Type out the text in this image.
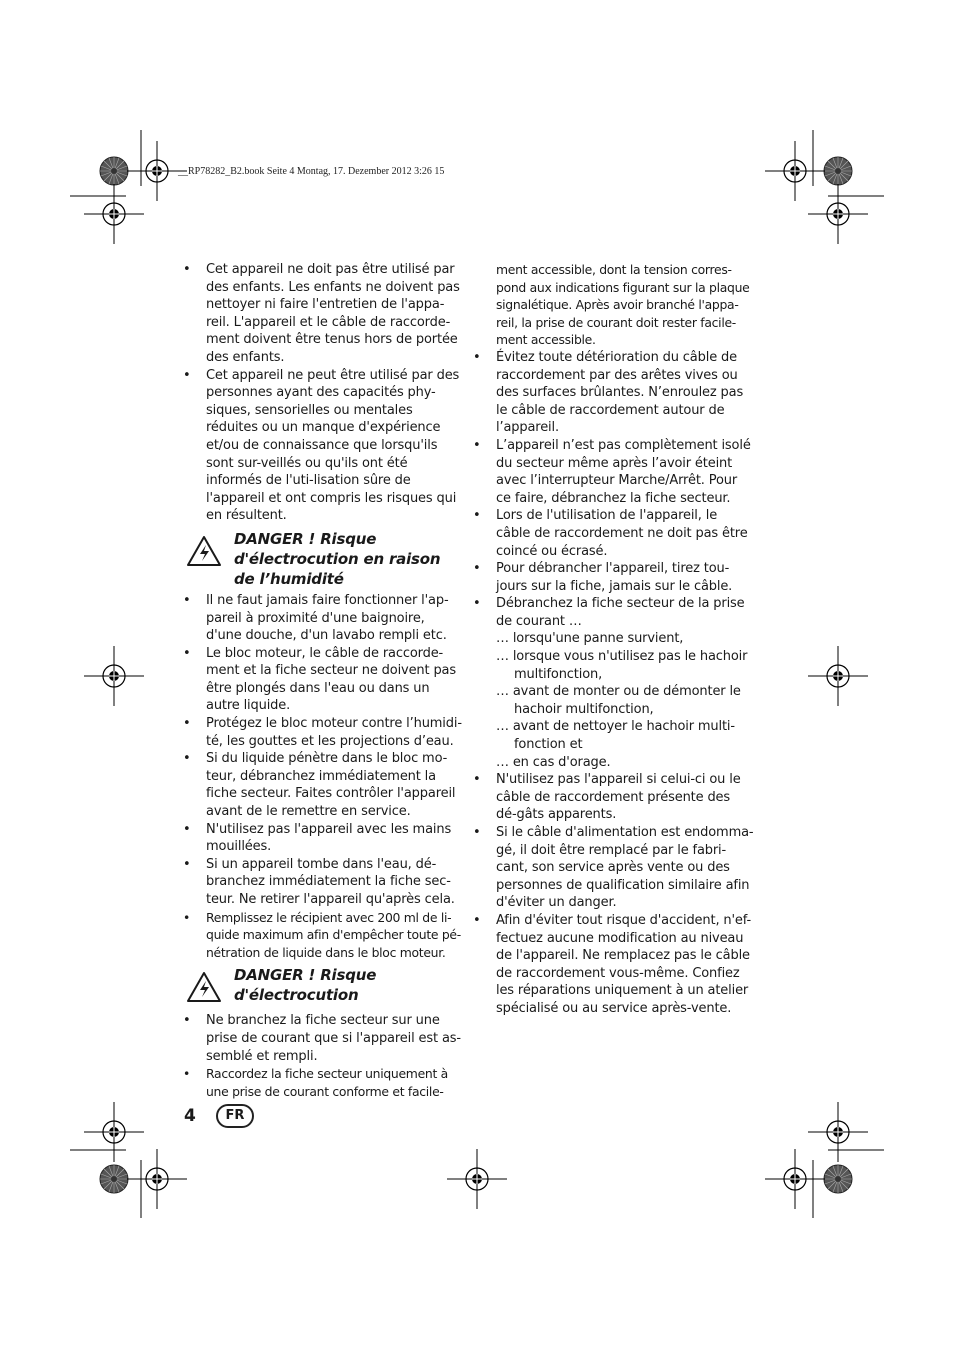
__RP78282_B2.book Seite 4 Montag, 17. Dezember 2012 3:26 15
• Cet appareil ne doit pas être utilisé par des enfants. Les enfants ne doivent pas nettoyer ni faire l'entretien de l'appa-reil. L'appareil et le câble de raccorde-ment doivent être tenus hors de portée des enfants.
• Cet appareil ne peut être utilisé par des personnes ayant des capacités phy-siques, sensorielles ou mentales réduites ou un manque d'expérience et/ou de connaissance que lorsqu'ils sont sur-veillés ou qu'ils ont été informés de l'uti-lisation sûre de l'appareil et ont compris les risques qui en résultent.
DANGER ! Risque d'électrocution en raison de l’humidité
• Il ne faut jamais faire fonctionner l'ap-pareil à proximité d'une baignoire, d'une douche, d'un lavabo rempli etc.
• Le bloc moteur, le câble de raccorde-ment et la fiche secteur ne doivent pas être plongés dans l'eau ou dans un autre liquide.
• Protégez le bloc moteur contre l’humidi-té, les gouttes et les projections d’eau.
• Si du liquide pénètre dans le bloc mo-teur, débranchez immédiatement la fiche secteur. Faites contrôler l'appareil avant de le remettre en service.
• N'utilisez pas l'appareil avec les mains mouillées.
• Si un appareil tombe dans l'eau, dé-branchez immédiatement la fiche sec-teur. Ne retirer l'appareil qu'après cela.
• Remplissez le récipient avec 200 ml de li-quide maximum afin d'empêcher toute pé-nétration de liquide dans le bloc moteur.
DANGER ! Risque d'électrocution
• Ne branchez la fiche secteur sur une prise de courant que si l'appareil est as-semblé et rempli.
• Raccordez la fiche secteur uniquement à une prise de courant conforme et facile-
ment accessible, dont la tension corres-pond aux indications figurant sur la plaque signalétique. Après avoir branché l'appa-reil, la prise de courant doit rester facile-ment accessible.
• Évitez toute détérioration du câble de raccordement par des arêtes vives ou des surfaces brûlantes. N’enroulez pas le câble de raccordement autour de l’appareil.
• L’appareil n’est pas complètement isolé du secteur même après l’avoir éteint avec l’interrupteur Marche/Arrêt. Pour ce faire, débranchez la fiche secteur.
• Lors de l'utilisation de l'appareil, le câble de raccordement ne doit pas être coincé ou écrasé.
• Pour débrancher l'appareil, tirez tou-jours sur la fiche, jamais sur le câble.
• Débranchez la fiche secteur de la prise de courant …
… lorsqu'une panne survient,
… lorsque vous n'utilisez pas le hachoir multifonction,
… avant de monter ou de démonter le hachoir multifonction,
… avant de nettoyer le hachoir multi-fonction et
… en cas d'orage.
• N'utilisez pas l'appareil si celui-ci ou le câble de raccordement présente des dé-gâts apparents.
• Si le câble d'alimentation est endomma-gé, il doit être remplacé par le fabri-cant, son service après vente ou des personnes de qualification similaire afin d'éviter un danger.
• Afin d'éviter tout risque d'accident, n'ef-fectuez aucune modification au niveau de l'appareil. Ne remplacez pas le câble de raccordement vous-même. Confiez les réparations uniquement à un atelier spécialisé ou au service après-vente.
4	FR
